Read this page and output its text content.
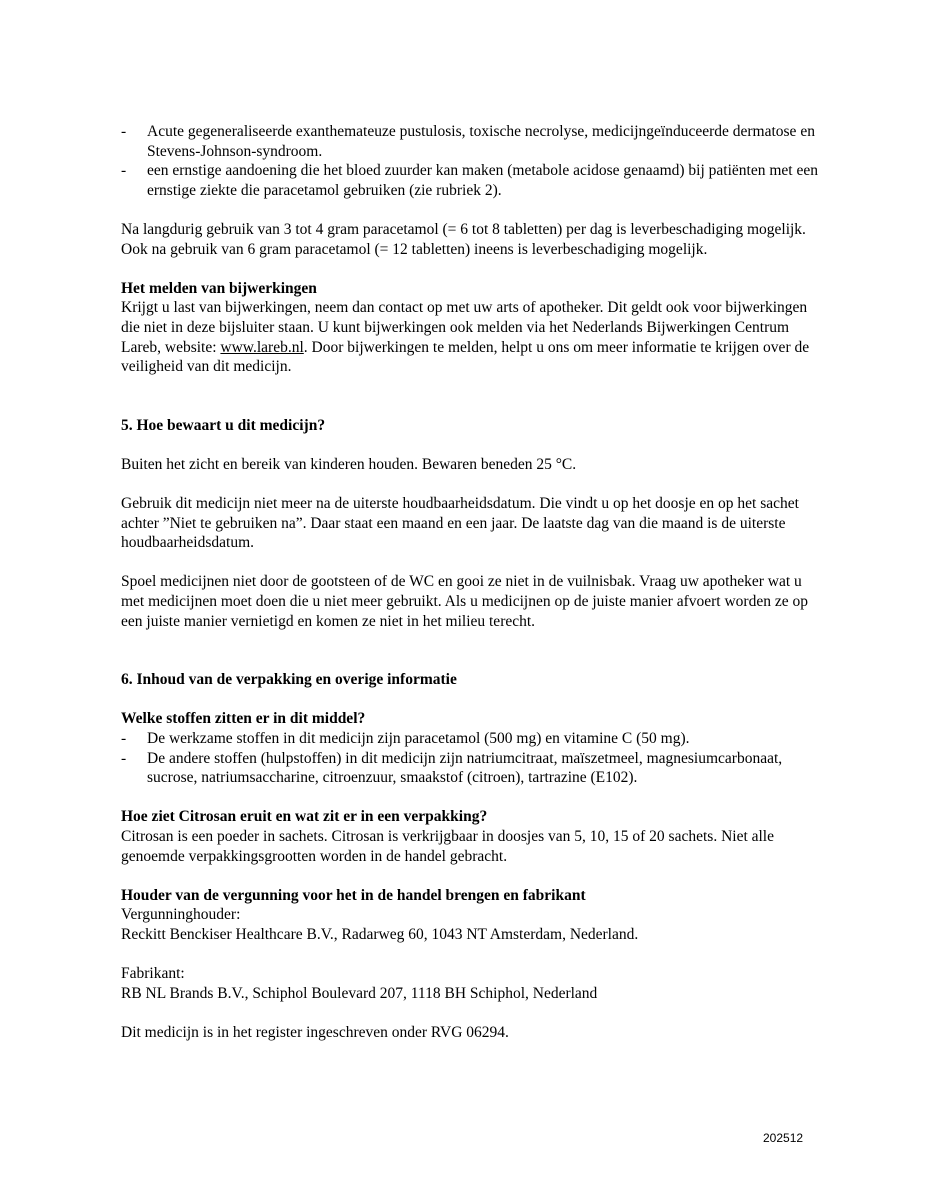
- Acute gegeneraliseerde exanthemateuze pustulosis, toxische necrolyse, medicijngeïnduceerde dermatose en Stevens-Johnson-syndroom.
- een ernstige aandoening die het bloed zuurder kan maken (metabole acidose genaamd) bij patiënten met een ernstige ziekte die paracetamol gebruiken (zie rubriek 2).

Na langdurig gebruik van 3 tot 4 gram paracetamol (= 6 tot 8 tabletten) per dag is leverbeschadiging mogelijk. Ook na gebruik van 6 gram paracetamol (= 12 tabletten) ineens is leverbeschadiging mogelijk.

Het melden van bijwerkingen

Krijgt u last van bijwerkingen, neem dan contact op met uw arts of apotheker. Dit geldt ook voor bijwerkingen die niet in deze bijsluiter staan. U kunt bijwerkingen ook melden via het Nederlands Bijwerkingen Centrum Lareb, website: www.lareb.nl. Door bijwerkingen te melden, helpt u ons om meer informatie te krijgen over de veiligheid van dit medicijn.

5. Hoe bewaart u dit medicijn?

Buiten het zicht en bereik van kinderen houden. Bewaren beneden 25 °C.

Gebruik dit medicijn niet meer na de uiterste houdbaarheidsdatum. Die vindt u op het doosje en op het sachet achter ”Niet te gebruiken na”. Daar staat een maand en een jaar. De laatste dag van die maand is de uiterste houdbaarheidsdatum.

Spoel medicijnen niet door de gootsteen of de WC en gooi ze niet in de vuilnisbak. Vraag uw apotheker wat u met medicijnen moet doen die u niet meer gebruikt. Als u medicijnen op de juiste manier afvoert worden ze op een juiste manier vernietigd en komen ze niet in het milieu terecht.

6. Inhoud van de verpakking en overige informatie
Welke stoffen zitten er in dit middel?
- De werkzame stoffen in dit medicijn zijn paracetamol (500 mg) en vitamine C (50 mg).
- De andere stoffen (hulpstoffen) in dit medicijn zijn natriumcitraat, maïszetmeel, magnesiumcarbonaat, sucrose, natriumsaccharine, citroenzuur, smaakstof (citroen), tartrazine (E102).
Hoe ziet Citrosan eruit en wat zit er in een verpakking?

Citrosan is een poeder in sachets. Citrosan is verkrijgbaar in doosjes van 5, 10, 15 of 20 sachets. Niet alle genoemde verpakkingsgrootten worden in de handel gebracht.

Houder van de vergunning voor het in de handel brengen en fabrikant

Vergunninghouder:

Reckitt Benckiser Healthcare B.V., Radarweg 60, 1043 NT Amsterdam, Nederland.

Fabrikant:

RB NL Brands B.V., Schiphol Boulevard 207, 1118 BH Schiphol, Nederland

Dit medicijn is in het register ingeschreven onder RVG 06294.

202512
